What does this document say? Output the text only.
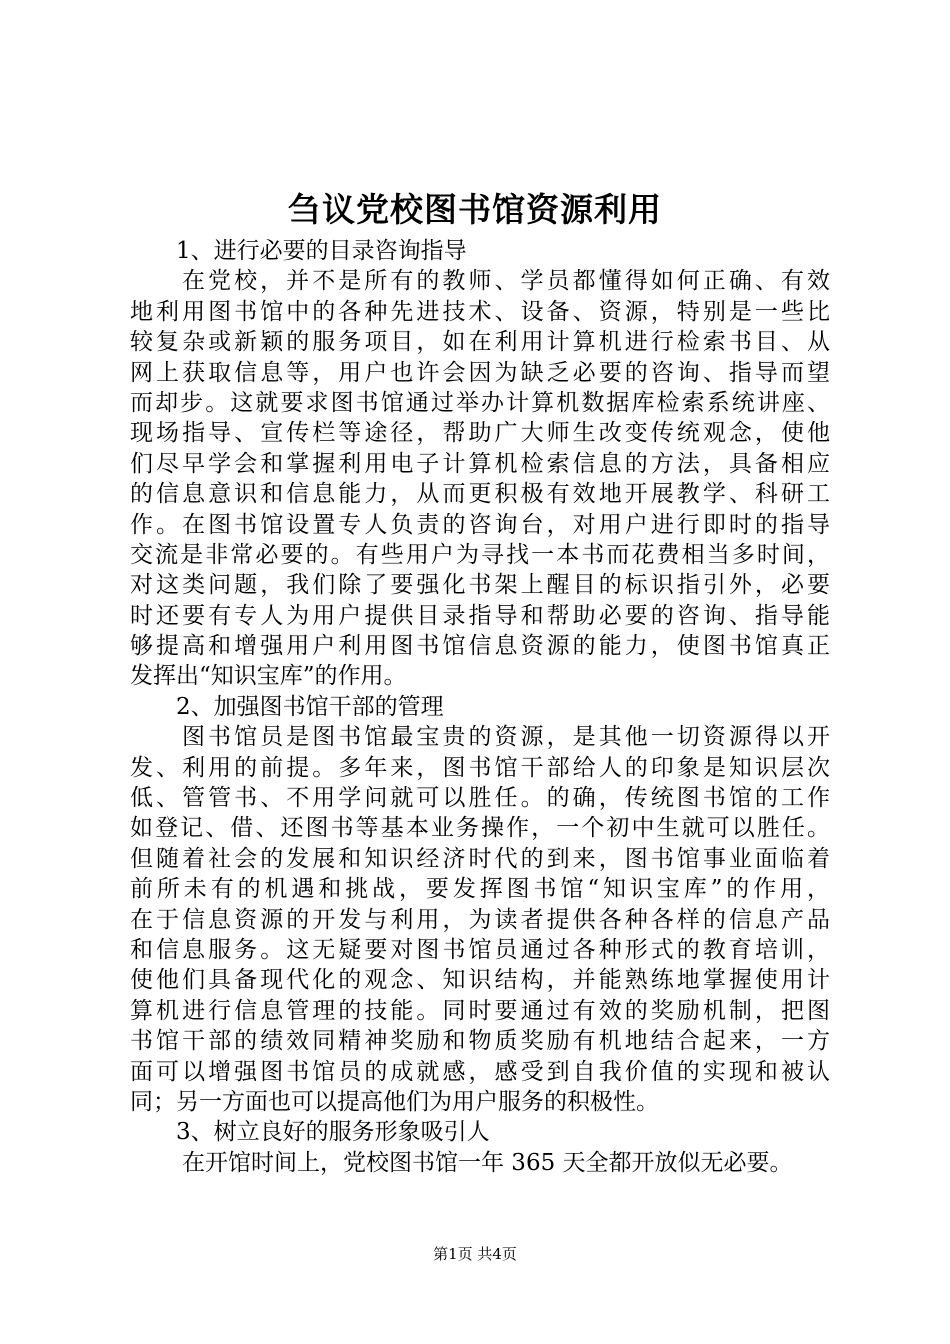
刍议党校图书馆资源利用
1、进行必要的目录咨询指导
在党校，并不是所有的教师、学员都懂得如何正确、有效
地利用图书馆中的各种先进技术、设备、资源，特别是一些比
较复杂或新颖的服务项目，如在利用计算机进行检索书目、从
网上获取信息等，用户也许会因为缺乏必要的咨询、指导而望
而却步。这就要求图书馆通过举办计算机数据库检索系统讲座、
现场指导、宣传栏等途径，帮助广大师生改变传统观念，使他
们尽早学会和掌握利用电子计算机检索信息的方法，具备相应
的信息意识和信息能力，从而更积极有效地开展教学、科研工
作。在图书馆设置专人负责的咨询台，对用户进行即时的指导
交流是非常必要的。有些用户为寻找一本书而花费相当多时间，
对这类问题，我们除了要强化书架上醒目的标识指引外，必要
时还要有专人为用户提供目录指导和帮助必要的咨询、指导能
够提高和增强用户利用图书馆信息资源的能力，使图书馆真正
发挥出“知识宝库”的作用。
2、加强图书馆干部的管理
图书馆员是图书馆最宝贵的资源，是其他一切资源得以开
发、利用的前提。多年来，图书馆干部给人的印象是知识层次
低、管管书、不用学问就可以胜任。的确，传统图书馆的工作
如登记、借、还图书等基本业务操作，一个初中生就可以胜任。
但随着社会的发展和知识经济时代的到来，图书馆事业面临着
前所未有的机遇和挑战，要发挥图书馆“知识宝库”的作用，
在于信息资源的开发与利用，为读者提供各种各样的信息产品
和信息服务。这无疑要对图书馆员通过各种形式的教育培训，
使他们具备现代化的观念、知识结构，并能熟练地掌握使用计
算机进行信息管理的技能。同时要通过有效的奖励机制，把图
书馆干部的绩效同精神奖励和物质奖励有机地结合起来，一方
面可以增强图书馆员的成就感，感受到自我价值的实现和被认
同；另一方面也可以提高他们为用户服务的积极性。
3、树立良好的服务形象吸引人
在开馆时间上，党校图书馆一年 365 天全都开放似无必要。
第1页 共4页
